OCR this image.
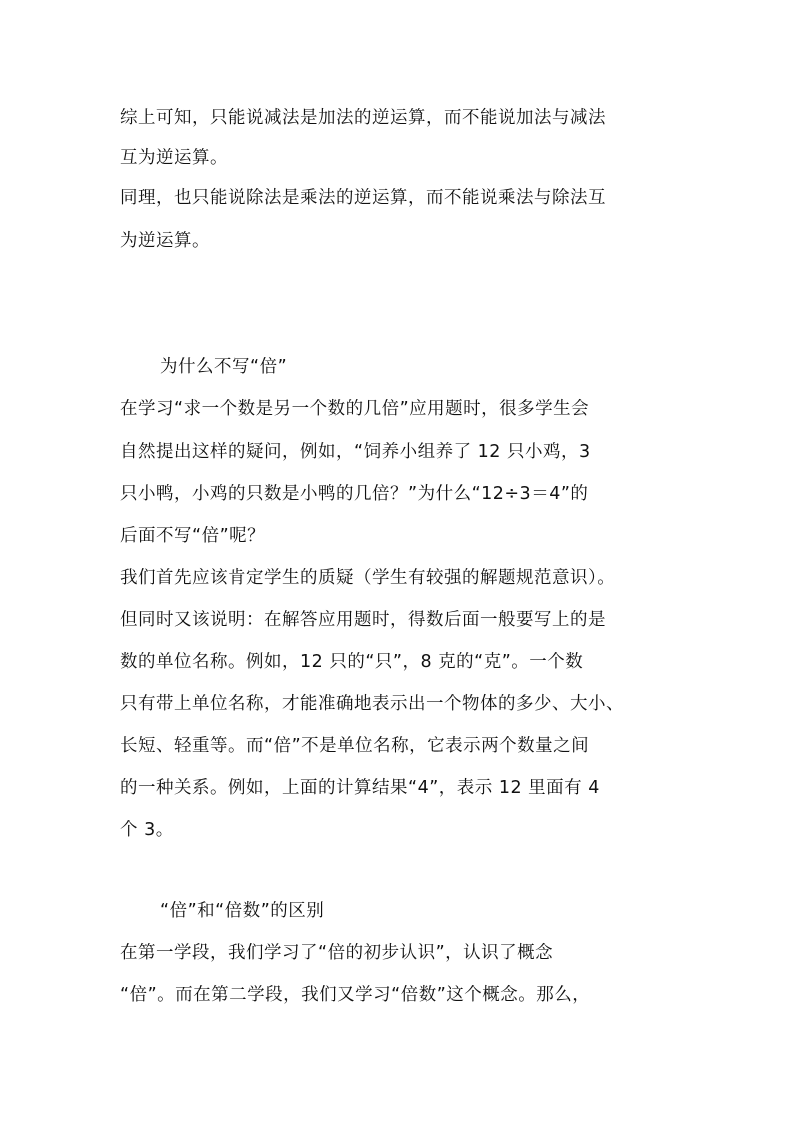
综上可知，只能说减法是加法的逆运算，而不能说加法与减法
互为逆运算。
同理，也只能说除法是乘法的逆运算，而不能说乘法与除法互
为逆运算。
为什么不写“倍”
在学习“求一个数是另一个数的几倍”应用题时，很多学生会
自然提出这样的疑问，例如，“饲养小组养了 12 只小鸡，3
只小鸭，小鸡的只数是小鸭的几倍？”为什么“12÷3＝4”的
后面不写“倍”呢？
我们首先应该肯定学生的质疑（学生有较强的解题规范意识）。
但同时又该说明：在解答应用题时，得数后面一般要写上的是
数的单位名称。例如，12 只的“只”，8 克的“克”。一个数
只有带上单位名称，才能准确地表示出一个物体的多少、大小、
长短、轻重等。而“倍”不是单位名称，它表示两个数量之间
的一种关系。例如，上面的计算结果“4”，表示 12 里面有 4
个 3。
“倍”和“倍数”的区别
在第一学段，我们学习了“倍的初步认识”，认识了概念
“倍”。而在第二学段，我们又学习“倍数”这个概念。那么，
